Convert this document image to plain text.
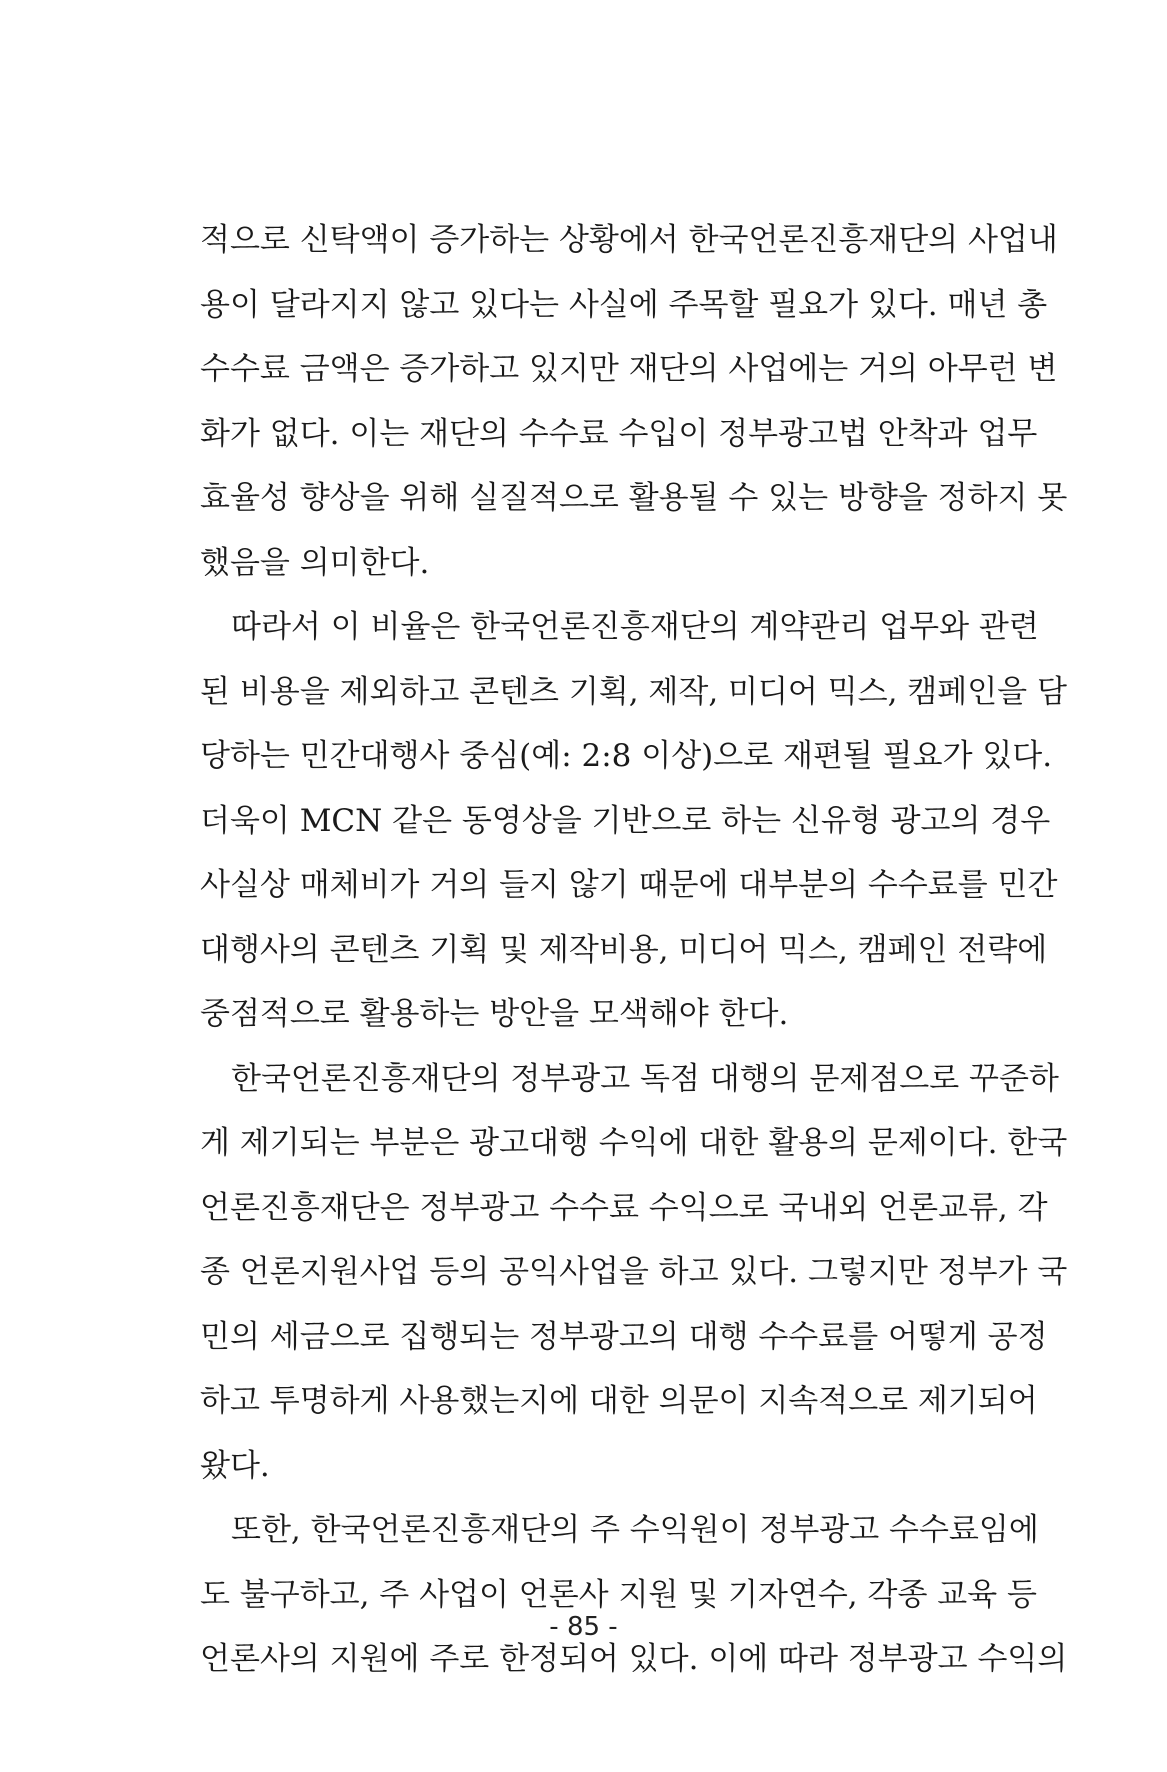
적으로 신탁액이 증가하는 상황에서 한국언론진흥재단의 사업내
용이 달라지지 않고 있다는 사실에 주목할 필요가 있다. 매년 총
수수료 금액은 증가하고 있지만 재단의 사업에는 거의 아무런 변
화가 없다. 이는 재단의 수수료 수입이 정부광고법 안착과 업무
효율성 향상을 위해 실질적으로 활용될 수 있는 방향을 정하지 못
했음을 의미한다.
따라서 이 비율은 한국언론진흥재단의 계약관리 업무와 관련
된 비용을 제외하고 콘텐츠 기획, 제작, 미디어 믹스, 캠페인을 담
당하는 민간대행사 중심(예: 2:8 이상)으로 재편될 필요가 있다.
더욱이 MCN 같은 동영상을 기반으로 하는 신유형 광고의 경우
사실상 매체비가 거의 들지 않기 때문에 대부분의 수수료를 민간
대행사의 콘텐츠 기획 및 제작비용, 미디어 믹스, 캠페인 전략에
중점적으로 활용하는 방안을 모색해야 한다.
한국언론진흥재단의 정부광고 독점 대행의 문제점으로 꾸준하
게 제기되는 부분은 광고대행 수익에 대한 활용의 문제이다. 한국
언론진흥재단은 정부광고 수수료 수익으로 국내외 언론교류, 각
종 언론지원사업 등의 공익사업을 하고 있다. 그렇지만 정부가 국
민의 세금으로 집행되는 정부광고의 대행 수수료를 어떻게 공정
하고 투명하게 사용했는지에 대한 의문이 지속적으로 제기되어
왔다.
또한, 한국언론진흥재단의 주 수익원이 정부광고 수수료임에
도 불구하고, 주 사업이 언론사 지원 및 기자연수, 각종 교육 등
언론사의 지원에 주로 한정되어 있다. 이에 따라 정부광고 수익의
- 85 -
